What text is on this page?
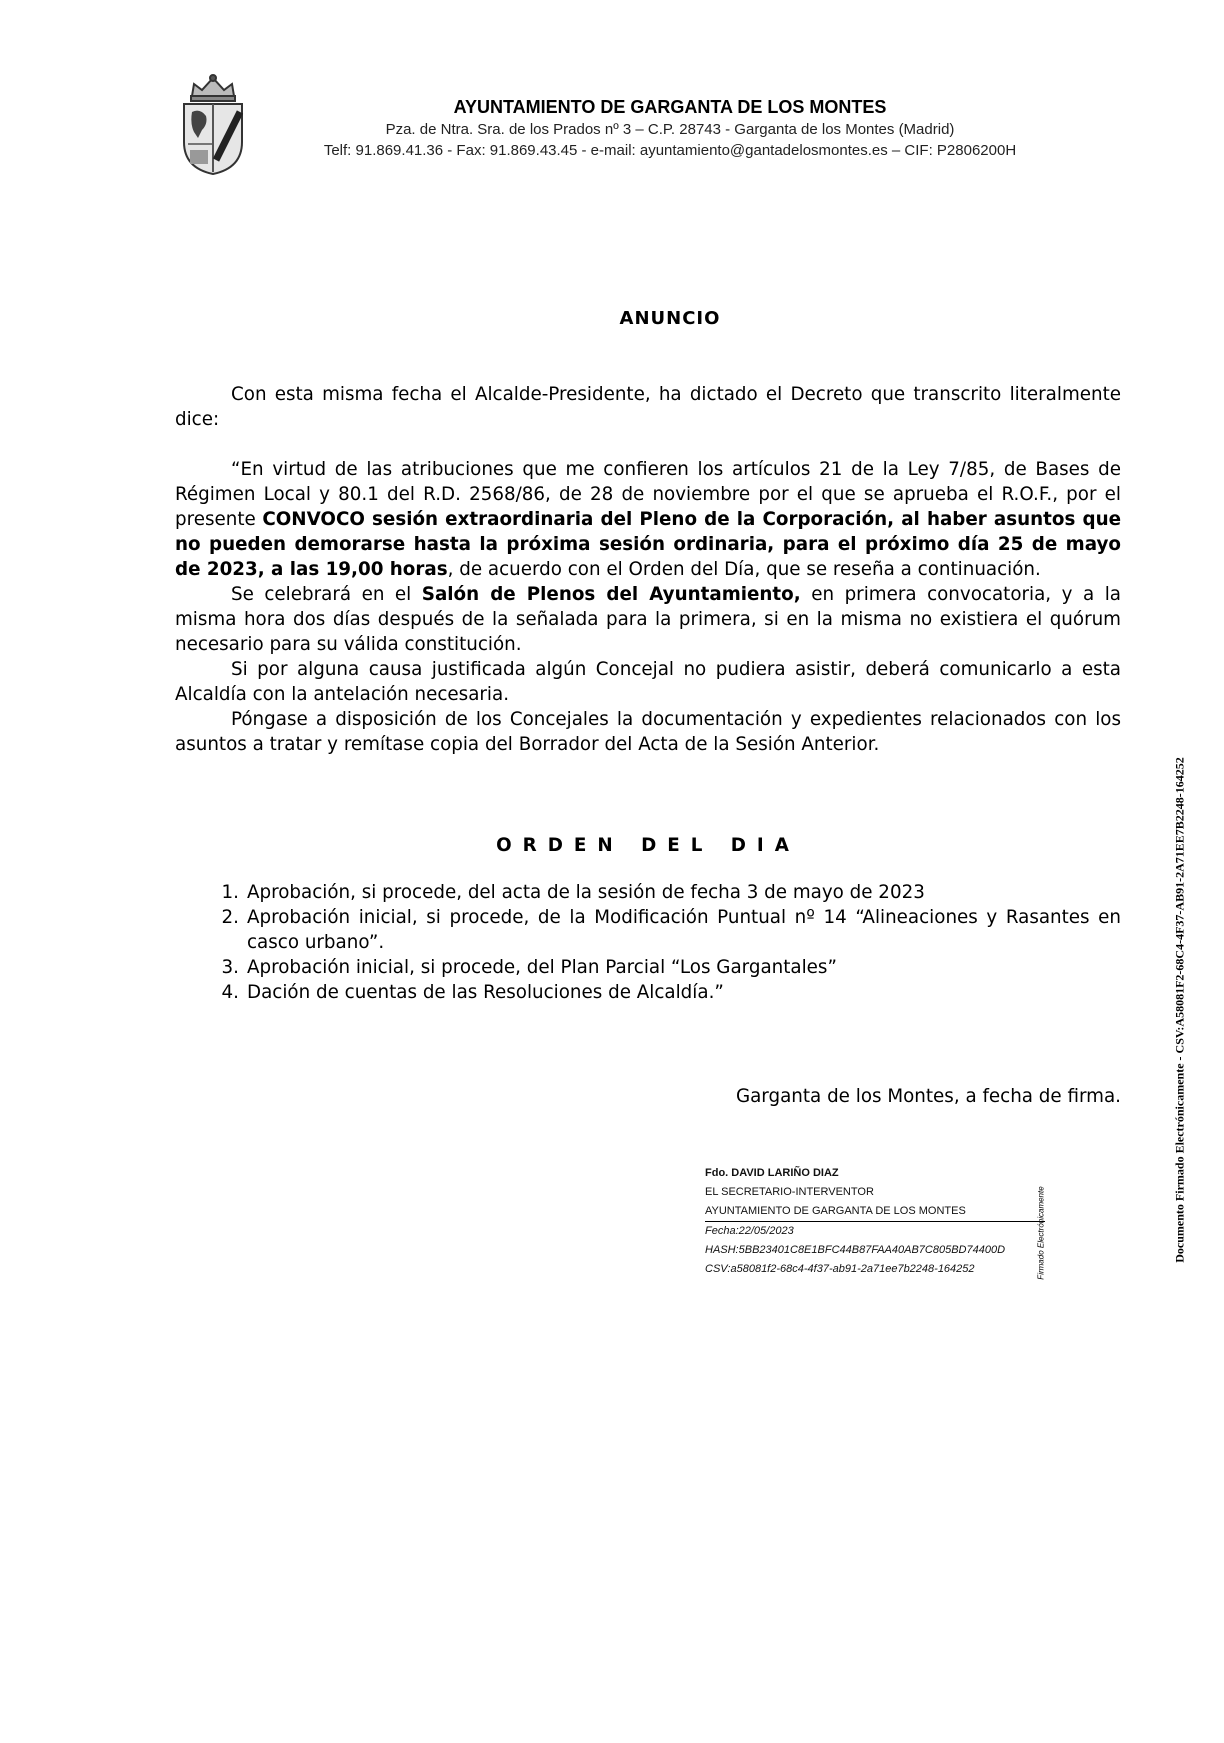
AYUNTAMIENTO DE GARGANTA DE LOS MONTES
Pza. de Ntra. Sra. de los Prados nº 3 – C.P. 28743 - Garganta de los Montes (Madrid)
Telf: 91.869.41.36 - Fax: 91.869.43.45 - e-mail: ayuntamiento@gantadelosmontes.es – CIF: P2806200H
ANUNCIO

Con esta misma fecha el Alcalde-Presidente, ha dictado el Decreto que transcrito literalmente dice:

“En virtud de las atribuciones que me confieren los artículos 21 de la Ley 7/85, de Bases de Régimen Local y 80.1 del R.D. 2568/86, de 28 de noviembre por el que se aprueba el R.O.F., por el presente CONVOCO sesión extraordinaria del Pleno de la Corporación, al haber asuntos que no pueden demorarse hasta la próxima sesión ordinaria, para el próximo día 25 de mayo de 2023, a las 19,00 horas, de acuerdo con el Orden del Día, que se reseña a continuación.

Se celebrará en el Salón de Plenos del Ayuntamiento, en primera convocatoria, y a la misma hora dos días después de la señalada para la primera, si en la misma no existiera el quórum necesario para su válida constitución.

Si por alguna causa justificada algún Concejal no pudiera asistir, deberá comunicarlo a esta Alcaldía con la antelación necesaria.

Póngase a disposición de los Concejales la documentación y expedientes relacionados con los asuntos a tratar y remítase copia del Borrador del Acta de la Sesión Anterior.

ORDEN DEL DIA
1. Aprobación, si procede, del acta de la sesión de fecha 3 de mayo de 2023
2. Aprobación inicial, si procede, de la Modificación Puntual nº 14 “Alineaciones y Rasantes en casco urbano”.
3. Aprobación inicial, si procede, del Plan Parcial “Los Gargantales”
4. Dación de cuentas de las Resoluciones de Alcaldía.”
Garganta de los Montes, a fecha de firma.
Fdo. DAVID LARIÑO DIAZ
EL SECRETARIO-INTERVENTOR
AYUNTAMIENTO DE GARGANTA DE LOS MONTES
Fecha:22/05/2023
HASH:5BB23401C8E1BFC44B87FAA40AB7C805BD74400D
CSV:a58081f2-68c4-4f37-ab91-2a71ee7b2248-164252	Firmado Electrónicamente	Documento Firmado Electrónicamente - CSV:A58081F2-68C4-4F37-AB91-2A71EE7B2248-164252
